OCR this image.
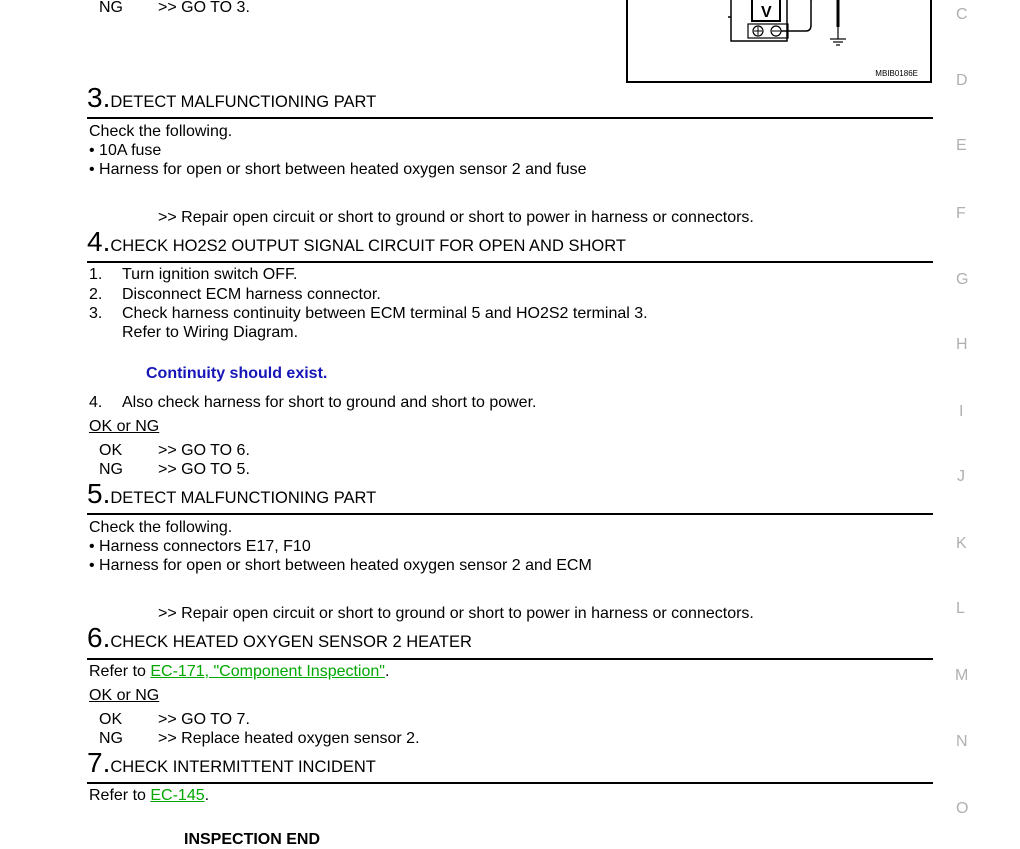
NG >> GO TO 3.	V
MBIB0186E
3.DETECT MALFUNCTIONING PART
Check the following.
• 10A fuse
• Harness for open or short between heated oxygen sensor 2 and fuse
>> Repair open circuit or short to ground or short to power in harness or connectors.
4.CHECK HO2S2 OUTPUT SIGNAL CIRCUIT FOR OPEN AND SHORT
1. Turn ignition switch OFF.
2. Disconnect ECM harness connector.
3. Check harness continuity between ECM terminal 5 and HO2S2 terminal 3.
Refer to Wiring Diagram.
Continuity should exist.
4. Also check harness for short to ground and short to power.
OK or NG
OK >> GO TO 6.
NG >> GO TO 5.
5.DETECT MALFUNCTIONING PART
Check the following.
• Harness connectors E17, F10
• Harness for open or short between heated oxygen sensor 2 and ECM
>> Repair open circuit or short to ground or short to power in harness or connectors.
6.CHECK HEATED OXYGEN SENSOR 2 HEATER
Refer to EC-171, "Component Inspection".
OK or NG
OK >> GO TO 7.
NG >> Replace heated oxygen sensor 2.
7.CHECK INTERMITTENT INCIDENT
Refer to EC-145.
INSPECTION END
C
D
E
F
G
H
I
J
K
L
M
N
O
